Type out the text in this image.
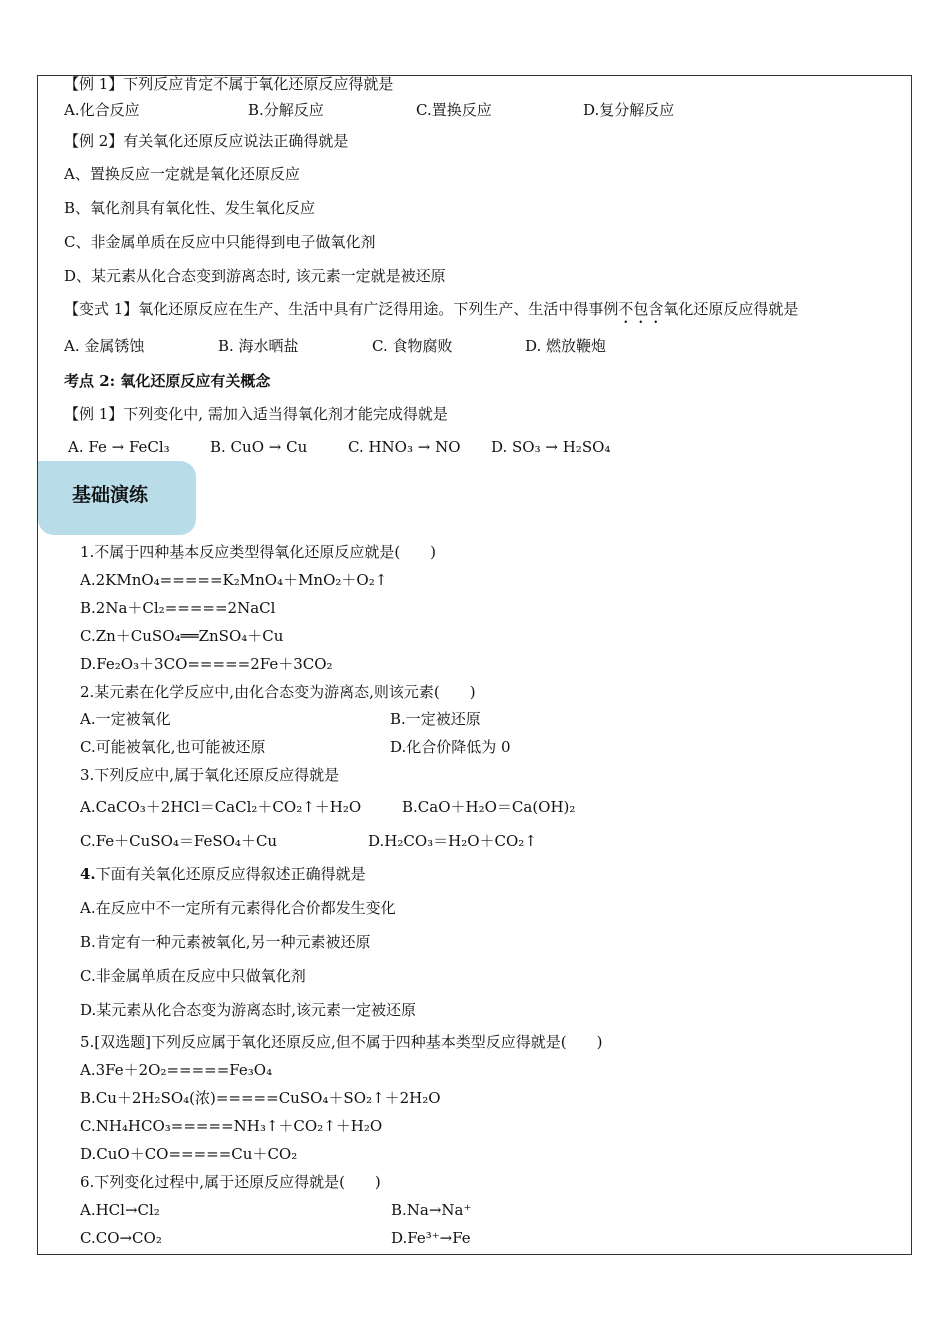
【例 1】下列反应肯定不属于氧化还原反应得就是
A.化合反应	B.分解反应	C.置换反应	D.复分解反应
【例 2】有关氧化还原反应说法正确得就是
A、置换反应一定就是氧化还原反应
B、氧化剂具有氧化性、发生氧化反应
C、非金属单质在反应中只能得到电子做氧化剂
D、某元素从化合态变到游离态时, 该元素一定就是被还原
【变式 1】氧化还原反应在生产、生活中具有广泛得用途。下列生产、生活中得事例不包含氧化还原反应得就是
A. 金属锈蚀	B. 海水晒盐	C. 食物腐败	D. 燃放鞭炮
考点 2: 氧化还原反应有关概念
【例 1】下列变化中, 需加入适当得氧化剂才能完成得就是
A. Fe → FeCl₃	B. CuO → Cu	C. HNO₃ → NO D. SO₃ → H₂SO₄
基础演练
1.不属于四种基本反应类型得氧化还原反应就是(　　)
A.2KMnO₄=====K₂MnO₄＋MnO₂＋O₂↑
B.2Na＋Cl₂=====2NaCl
C.Zn＋CuSO₄══ZnSO₄＋Cu
D.Fe₂O₃＋3CO=====2Fe＋3CO₂
2.某元素在化学反应中,由化合态变为游离态,则该元素(　　)
A.一定被氧化	B.一定被还原
C.可能被氧化,也可能被还原	D.化合价降低为 0
3.下列反应中,属于氧化还原反应得就是
A.CaCO₃＋2HCl＝CaCl₂＋CO₂↑＋H₂O	B.CaO＋H₂O＝Ca(OH)₂
C.Fe＋CuSO₄＝FeSO₄＋Cu	D.H₂CO₃＝H₂O＋CO₂↑
4.下面有关氧化还原反应得叙述正确得就是
A.在反应中不一定所有元素得化合价都发生变化
B.肯定有一种元素被氧化,另一种元素被还原
C.非金属单质在反应中只做氧化剂
D.某元素从化合态变为游离态时,该元素一定被还原
5.[双选题]下列反应属于氧化还原反应,但不属于四种基本类型反应得就是(　　)
A.3Fe＋2O₂=====Fe₃O₄
B.Cu＋2H₂SO₄(浓)=====CuSO₄＋SO₂↑＋2H₂O
C.NH₄HCO₃=====NH₃↑＋CO₂↑＋H₂O
D.CuO＋CO=====Cu＋CO₂
6.下列变化过程中,属于还原反应得就是(　　)
A.HCl→Cl₂	B.Na→Na⁺
C.CO→CO₂	D.Fe³⁺→Fe
